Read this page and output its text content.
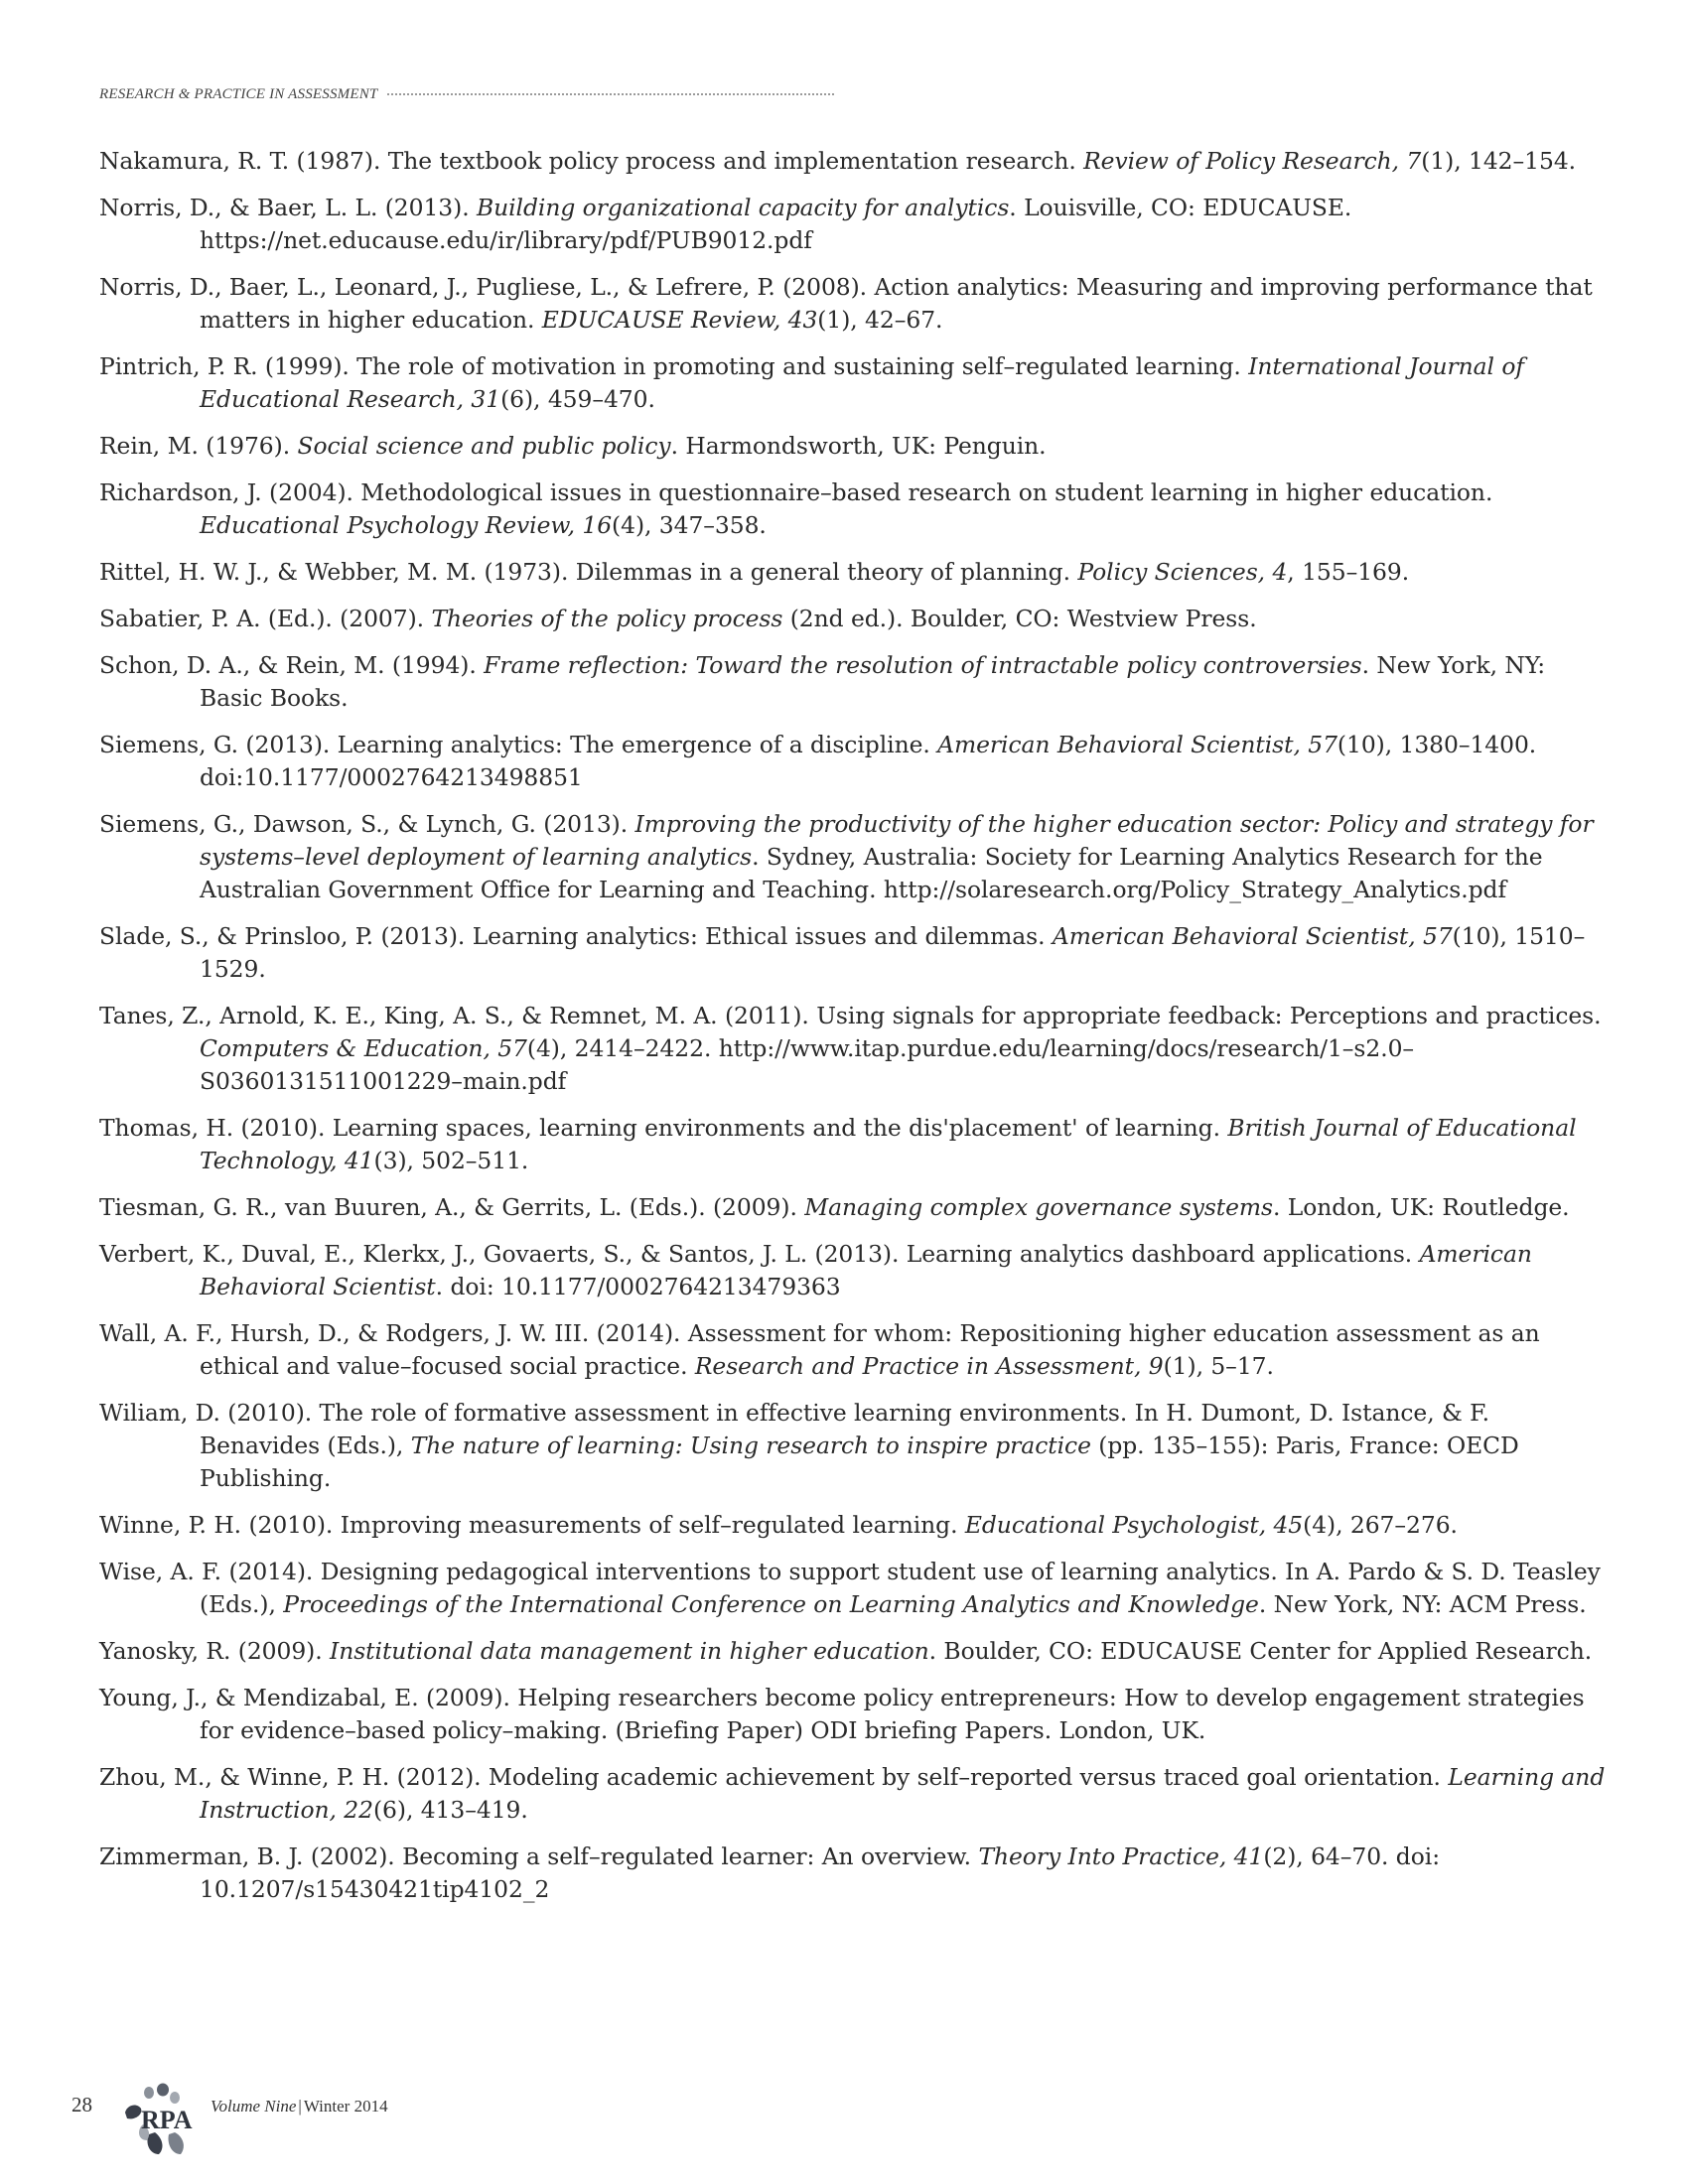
RESEARCH & PRACTICE IN ASSESSMENT

Nakamura, R. T. (1987). The textbook policy process and implementation research. Review of Policy Research, 7(1), 142–154.

Norris, D., & Baer, L. L. (2013). Building organizational capacity for analytics. Louisville, CO: EDUCAUSE. https://net.educause.edu/ir/library/pdf/PUB9012.pdf

Norris, D., Baer, L., Leonard, J., Pugliese, L., & Lefrere, P. (2008). Action analytics: Measuring and improving performance that matters in higher education. EDUCAUSE Review, 43(1), 42–67.

Pintrich, P. R. (1999). The role of motivation in promoting and sustaining self–regulated learning. International Journal of Educational Research, 31(6), 459–470.

Rein, M. (1976). Social science and public policy. Harmondsworth, UK: Penguin.

Richardson, J. (2004). Methodological issues in questionnaire–based research on student learning in higher education. Educational Psychology Review, 16(4), 347–358.

Rittel, H. W. J., & Webber, M. M. (1973). Dilemmas in a general theory of planning. Policy Sciences, 4, 155–169.

Sabatier, P. A. (Ed.). (2007). Theories of the policy process (2nd ed.). Boulder, CO: Westview Press.

Schon, D. A., & Rein, M. (1994). Frame reflection: Toward the resolution of intractable policy controversies. New York, NY: Basic Books.

Siemens, G. (2013). Learning analytics: The emergence of a discipline. American Behavioral Scientist, 57(10), 1380–1400. doi:10.1177/0002764213498851

Siemens, G., Dawson, S., & Lynch, G. (2013). Improving the productivity of the higher education sector: Policy and strategy for systems–level deployment of learning analytics. Sydney, Australia: Society for Learning Analytics Research for the Australian Government Office for Learning and Teaching. http://solaresearch.org/Policy_Strategy_Analytics.pdf

Slade, S., & Prinsloo, P. (2013). Learning analytics: Ethical issues and dilemmas. American Behavioral Scientist, 57(10), 1510–1529.

Tanes, Z., Arnold, K. E., King, A. S., & Remnet, M. A. (2011). Using signals for appropriate feedback: Perceptions and practices. Computers & Education, 57(4), 2414–2422. http://www.itap.purdue.edu/learning/docs/research/1–s2.0–S0360131511001229–main.pdf

Thomas, H. (2010). Learning spaces, learning environments and the dis'placement' of learning. British Journal of Educational Technology, 41(3), 502–511.

Tiesman, G. R., van Buuren, A., & Gerrits, L. (Eds.). (2009). Managing complex governance systems. London, UK: Routledge.

Verbert, K., Duval, E., Klerkx, J., Govaerts, S., & Santos, J. L. (2013). Learning analytics dashboard applications. American Behavioral Scientist. doi: 10.1177/0002764213479363

Wall, A. F., Hursh, D., & Rodgers, J. W. III. (2014). Assessment for whom: Repositioning higher education assessment as an ethical and value–focused social practice. Research and Practice in Assessment, 9(1), 5–17.

Wiliam, D. (2010). The role of formative assessment in effective learning environments. In H. Dumont, D. Istance, & F. Benavides (Eds.), The nature of learning: Using research to inspire practice (pp. 135–155): Paris, France: OECD Publishing.

Winne, P. H. (2010). Improving measurements of self–regulated learning. Educational Psychologist, 45(4), 267–276.

Wise, A. F. (2014). Designing pedagogical interventions to support student use of learning analytics. In A. Pardo & S. D. Teasley (Eds.), Proceedings of the International Conference on Learning Analytics and Knowledge. New York, NY: ACM Press.

Yanosky, R. (2009). Institutional data management in higher education. Boulder, CO: EDUCAUSE Center for Applied Research.

Young, J., & Mendizabal, E. (2009). Helping researchers become policy entrepreneurs: How to develop engagement strategies for evidence–based policy–making. (Briefing Paper) ODI briefing Papers. London, UK.

Zhou, M., & Winne, P. H. (2012). Modeling academic achievement by self–reported versus traced goal orientation. Learning and Instruction, 22(6), 413–419.

Zimmerman, B. J. (2002). Becoming a self–regulated learner: An overview. Theory Into Practice, 41(2), 64–70. doi: 10.1207/s15430421tip4102_2

28
RPA Volume Nine | Winter 2014
